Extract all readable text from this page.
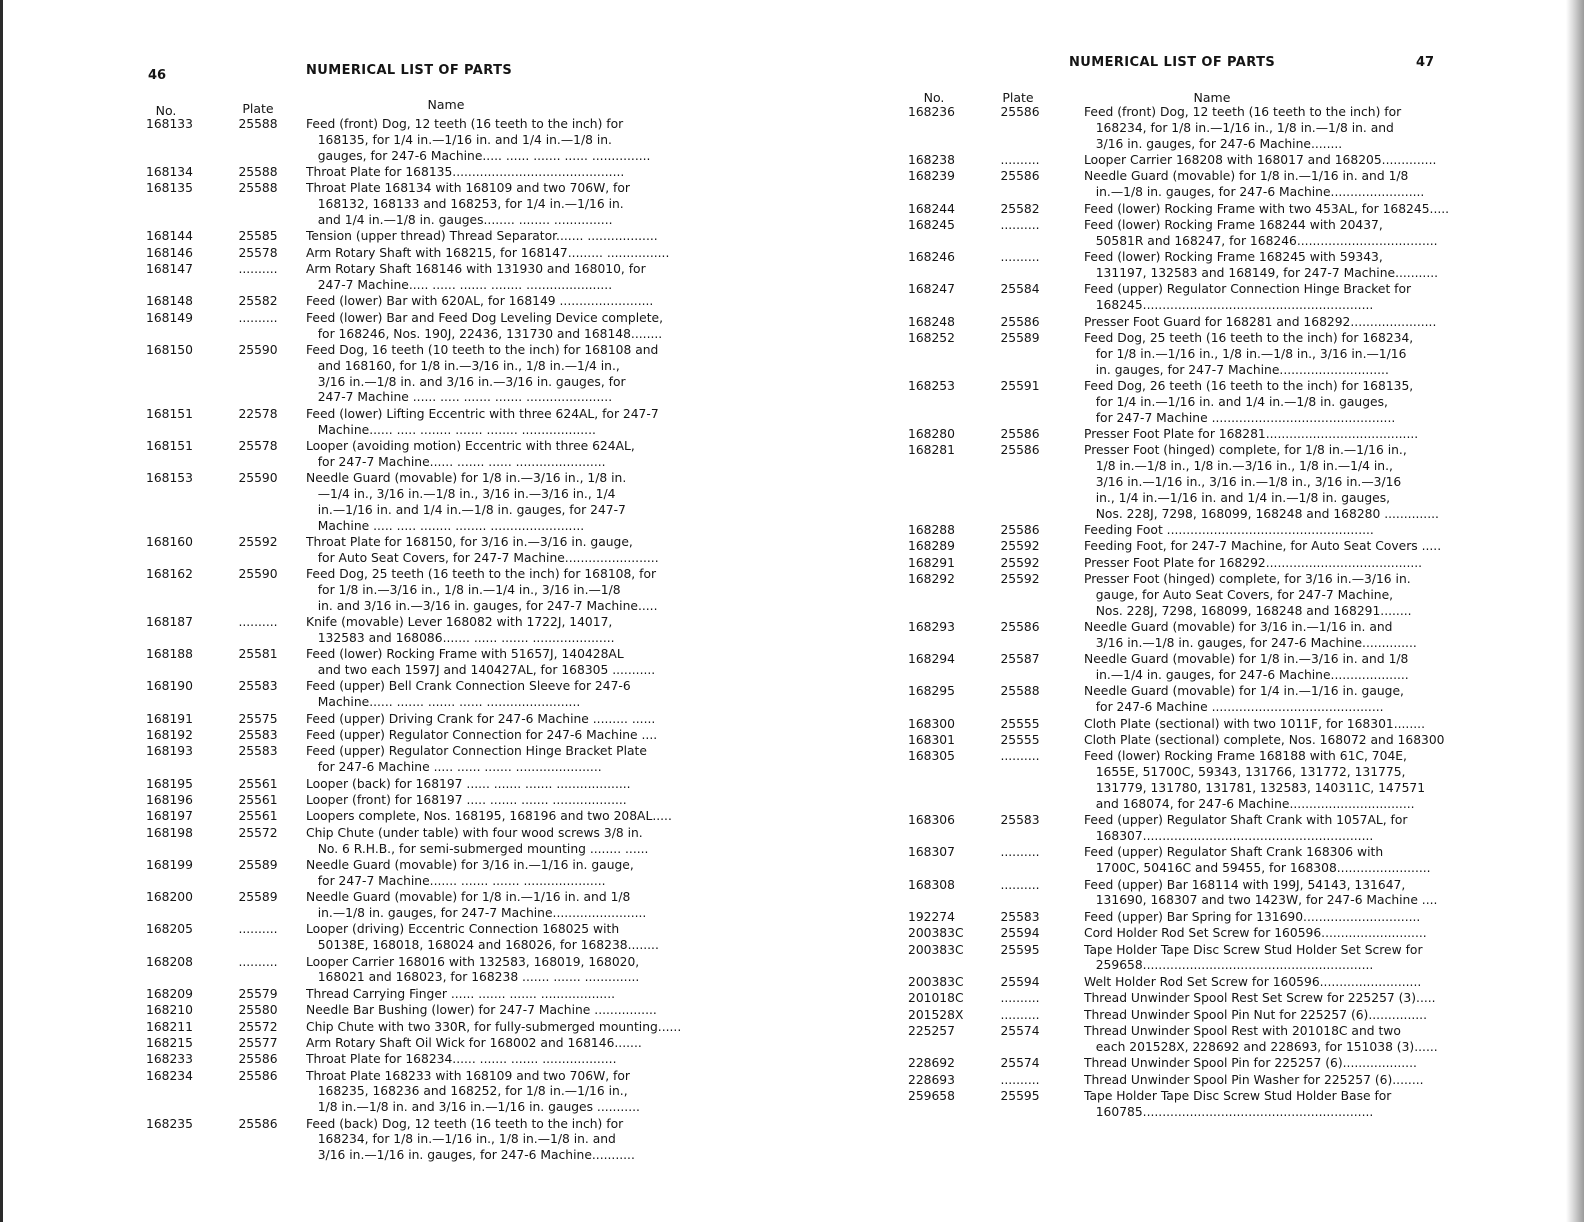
46	NUMERICAL LIST OF PARTS
No.	Plate	Name
168133	25588	Feed (front) Dog, 12 teeth (16 teeth to the inch) for
168135, for 1/4 in.—1/16 in. and 1/4 in.—1/8 in.
gauges, for 247-6 Machine..... ...... ....... ...... ...............
168134	25588	Throat Plate for 168135............................................
168135	25588	Throat Plate 168134 with 168109 and two 706W, for
168132, 168133 and 168253, for 1/4 in.—1/16 in.
and 1/4 in.—1/8 in. gauges........ ........ ...............
168144	25585	Tension (upper thread) Thread Separator....... ..................
168146	25578	Arm Rotary Shaft with 168215, for 168147......... ................
168147	..........	Arm Rotary Shaft 168146 with 131930 and 168010, for
247-7 Machine..... ...... ....... ........ ......................
168148	25582	Feed (lower) Bar with 620AL, for 168149 ........................
168149	..........	Feed (lower) Bar and Feed Dog Leveling Device complete,
for 168246, Nos. 190J, 22436, 131730 and 168148........
168150	25590	Feed Dog, 16 teeth (10 teeth to the inch) for 168108 and
and 168160, for 1/8 in.—3/16 in., 1/8 in.—1/4 in.,
3/16 in.—1/8 in. and 3/16 in.—3/16 in. gauges, for
247-7 Machine ...... ..... ....... ....... ......................
168151	22578	Feed (lower) Lifting Eccentric with three 624AL, for 247-7
Machine...... ..... ........ ....... ........ ...................
168151	25578	Looper (avoiding motion) Eccentric with three 624AL,
for 247-7 Machine...... ....... ...... .......................
168153	25590	Needle Guard (movable) for 1/8 in.—3/16 in., 1/8 in.
—1/4 in., 3/16 in.—1/8 in., 3/16 in.—3/16 in., 1/4
in.—1/16 in. and 1/4 in.—1/8 in. gauges, for 247-7
Machine ..... ..... ........ ........ ........................
168160	25592	Throat Plate for 168150, for 3/16 in.—3/16 in. gauge,
for Auto Seat Covers, for 247-7 Machine........................
168162	25590	Feed Dog, 25 teeth (16 teeth to the inch) for 168108, for
for 1/8 in.—3/16 in., 1/8 in.—1/4 in., 3/16 in.—1/8
in. and 3/16 in.—3/16 in. gauges, for 247-7 Machine.....
168187	..........	Knife (movable) Lever 168082 with 1722J, 14017,
132583 and 168086....... ...... ....... .....................
168188	25581	Feed (lower) Rocking Frame with 51657J, 140428AL
and two each 1597J and 140427AL, for 168305 ...........
168190	25583	Feed (upper) Bell Crank Connection Sleeve for 247-6
Machine...... ....... ....... ...... ........................
168191	25575	Feed (upper) Driving Crank for 247-6 Machine ......... ......
168192	25583	Feed (upper) Regulator Connection for 247-6 Machine ....
168193	25583	Feed (upper) Regulator Connection Hinge Bracket Plate
for 247-6 Machine ..... ...... ....... ......................
168195	25561	Looper (back) for 168197 ...... ....... ....... ...................
168196	25561	Looper (front) for 168197 ..... ....... ....... ...................
168197	25561	Loopers complete, Nos. 168195, 168196 and two 208AL.....
168198	25572	Chip Chute (under table) with four wood screws 3/8 in.
No. 6 R.H.B., for semi-submerged mounting ........ ......
168199	25589	Needle Guard (movable) for 3/16 in.—1/16 in. gauge,
for 247-7 Machine....... ....... ....... .....................
168200	25589	Needle Guard (movable) for 1/8 in.—1/16 in. and 1/8
in.—1/8 in. gauges, for 247-7 Machine........................
168205	..........	Looper (driving) Eccentric Connection 168025 with
50138E, 168018, 168024 and 168026, for 168238........
168208	..........	Looper Carrier 168016 with 132583, 168019, 168020,
168021 and 168023, for 168238 ....... ....... ..............
168209	25579	Thread Carrying Finger ...... ....... ....... ...................
168210	25580	Needle Bar Bushing (lower) for 247-7 Machine ................
168211	25572	Chip Chute with two 330R, for fully-submerged mounting......
168215	25577	Arm Rotary Shaft Oil Wick for 168002 and 168146.......
168233	25586	Throat Plate for 168234...... ....... ....... ...................
168234	25586	Throat Plate 168233 with 168109 and two 706W, for
168235, 168236 and 168252, for 1/8 in.—1/16 in.,
1/8 in.—1/8 in. and 3/16 in.—1/16 in. gauges ...........
168235	25586	Feed (back) Dog, 12 teeth (16 teeth to the inch) for
168234, for 1/8 in.—1/16 in., 1/8 in.—1/8 in. and
3/16 in.—1/16 in. gauges, for 247-6 Machine...........
NUMERICAL LIST OF PARTS	47
No.	Plate	Name
168236	25586	Feed (front) Dog, 12 teeth (16 teeth to the inch) for
168234, for 1/8 in.—1/16 in., 1/8 in.—1/8 in. and
3/16 in. gauges, for 247-6 Machine........
168238	..........	Looper Carrier 168208 with 168017 and 168205..............
168239	25586	Needle Guard (movable) for 1/8 in.—1/16 in. and 1/8
in.—1/8 in. gauges, for 247-6 Machine........................
168244	25582	Feed (lower) Rocking Frame with two 453AL, for 168245.....
168245	..........	Feed (lower) Rocking Frame 168244 with 20437,
50581R and 168247, for 168246....................................
168246	..........	Feed (lower) Rocking Frame 168245 with 59343,
131197, 132583 and 168149, for 247-7 Machine...........
168247	25584	Feed (upper) Regulator Connection Hinge Bracket for
168245...........................................................
168248	25586	Presser Foot Guard for 168281 and 168292......................
168252	25589	Feed Dog, 25 teeth (16 teeth to the inch) for 168234,
for 1/8 in.—1/16 in., 1/8 in.—1/8 in., 3/16 in.—1/16
in. gauges, for 247-7 Machine............................
168253	25591	Feed Dog, 26 teeth (16 teeth to the inch) for 168135,
for 1/4 in.—1/16 in. and 1/4 in.—1/8 in. gauges,
for 247-7 Machine ...............................................
168280	25586	Presser Foot Plate for 168281.......................................
168281	25586	Presser Foot (hinged) complete, for 1/8 in.—1/16 in.,
1/8 in.—1/8 in., 1/8 in.—3/16 in., 1/8 in.—1/4 in.,
3/16 in.—1/16 in., 3/16 in.—1/8 in., 3/16 in.—3/16
in., 1/4 in.—1/16 in. and 1/4 in.—1/8 in. gauges,
Nos. 228J, 7298, 168099, 168248 and 168280 ..............
168288	25586	Feeding Foot .....................................................
168289	25592	Feeding Foot, for 247-7 Machine, for Auto Seat Covers .....
168291	25592	Presser Foot Plate for 168292........................................
168292	25592	Presser Foot (hinged) complete, for 3/16 in.—3/16 in.
gauge, for Auto Seat Covers, for 247-7 Machine,
Nos. 228J, 7298, 168099, 168248 and 168291........
168293	25586	Needle Guard (movable) for 3/16 in.—1/16 in. and
3/16 in.—1/8 in. gauges, for 247-6 Machine..............
168294	25587	Needle Guard (movable) for 1/8 in.—3/16 in. and 1/8
in.—1/4 in. gauges, for 247-6 Machine....................
168295	25588	Needle Guard (movable) for 1/4 in.—1/16 in. gauge,
for 247-6 Machine ............................................
168300	25555	Cloth Plate (sectional) with two 1011F, for 168301........
168301	25555	Cloth Plate (sectional) complete, Nos. 168072 and 168300
168305	..........	Feed (lower) Rocking Frame 168188 with 61C, 704E,
1655E, 51700C, 59343, 131766, 131772, 131775,
131779, 131780, 131781, 132583, 140311C, 147571
and 168074, for 247-6 Machine................................
168306	25583	Feed (upper) Regulator Shaft Crank with 1057AL, for
168307...........................................................
168307	..........	Feed (upper) Regulator Shaft Crank 168306 with
1700C, 50416C and 59455, for 168308........................
168308	..........	Feed (upper) Bar 168114 with 199J, 54143, 131647,
131690, 168307 and two 1423W, for 247-6 Machine ....
192274	25583	Feed (upper) Bar Spring for 131690..............................
200383C	25594	Cord Holder Rod Set Screw for 160596...........................
200383C	25595	Tape Holder Tape Disc Screw Stud Holder Set Screw for
259658...........................................................
200383C	25594	Welt Holder Rod Set Screw for 160596..........................
201018C	..........	Thread Unwinder Spool Rest Set Screw for 225257 (3).....
201528X	..........	Thread Unwinder Spool Pin Nut for 225257 (6)...............
225257	25574	Thread Unwinder Spool Rest with 201018C and two
each 201528X, 228692 and 228693, for 151038 (3)......
228692	25574	Thread Unwinder Spool Pin for 225257 (6)...................
228693	..........	Thread Unwinder Spool Pin Washer for 225257 (6)........
259658	25595	Tape Holder Tape Disc Screw Stud Holder Base for
160785...........................................................
